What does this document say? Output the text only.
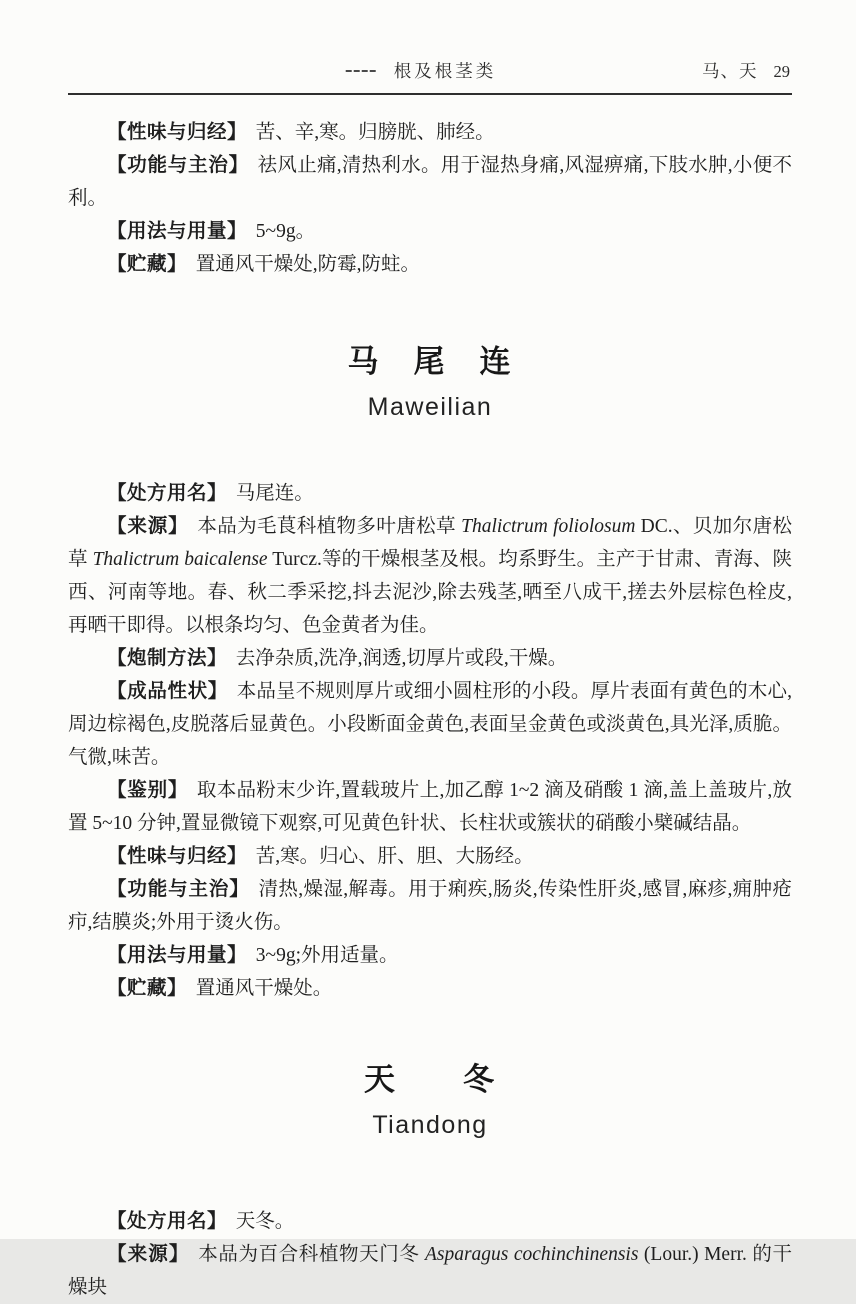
根及根茎类	马、天 29

【性味与归经】 苦、辛,寒。归膀胱、肺经。

【功能与主治】 祛风止痛,清热利水。用于湿热身痛,风湿痹痛,下肢水肿,小便不利。

【用法与用量】 5~9g。

【贮藏】 置通风干燥处,防霉,防蛀。

马　尾　连
Maweilian

【处方用名】 马尾连。

【来源】 本品为毛茛科植物多叶唐松草 Thalictrum foliolosum DC.、贝加尔唐松草 Thalictrum baicalense Turcz.等的干燥根茎及根。均系野生。主产于甘肃、青海、陕西、河南等地。春、秋二季采挖,抖去泥沙,除去残茎,晒至八成干,搓去外层棕色栓皮,再晒干即得。以根条均匀、色金黄者为佳。

【炮制方法】 去净杂质,洗净,润透,切厚片或段,干燥。

【成品性状】 本品呈不规则厚片或细小圆柱形的小段。厚片表面有黄色的木心,周边棕褐色,皮脱落后显黄色。小段断面金黄色,表面呈金黄色或淡黄色,具光泽,质脆。气微,味苦。

【鉴别】 取本品粉末少许,置载玻片上,加乙醇 1~2 滴及硝酸 1 滴,盖上盖玻片,放置 5~10 分钟,置显微镜下观察,可见黄色针状、长柱状或簇状的硝酸小檗碱结晶。

【性味与归经】 苦,寒。归心、肝、胆、大肠经。

【功能与主治】 清热,燥湿,解毒。用于痢疾,肠炎,传染性肝炎,感冒,麻疹,痈肿疮疖,结膜炎;外用于烫火伤。

【用法与用量】 3~9g;外用适量。

【贮藏】 置通风干燥处。

天　　冬
Tiandong

【处方用名】 天冬。

【来源】 本品为百合科植物天门冬 Asparagus cochinchinensis (Lour.) Merr. 的干燥块
